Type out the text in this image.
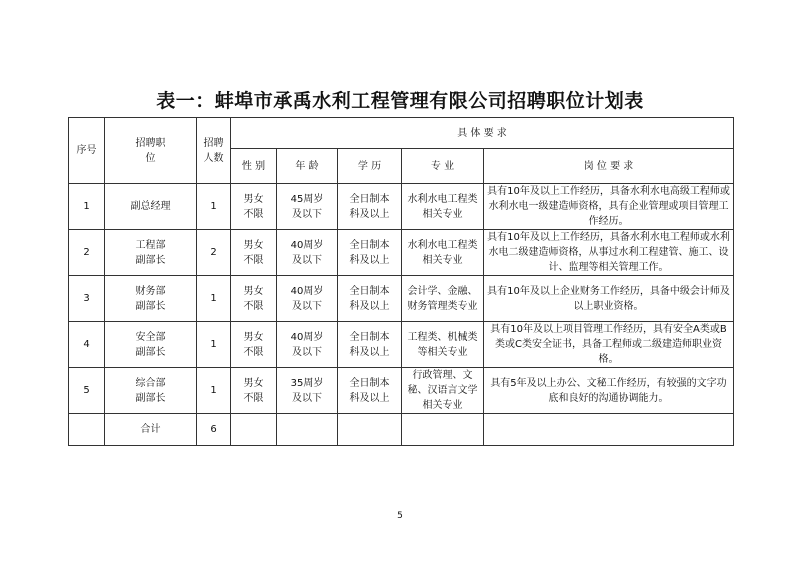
表一：蚌埠市承禹水利工程管理有限公司招聘职位计划表
序号	招聘职位	招聘人数	具 体 要 求				
			性 别	年 龄	学 历	专 业	岗 位 要 求
1	副总经理	1	男女不限	45周岁及以下	全日制本科及以上	水利水电工程类相关专业	具有10年及以上工作经历，具备水利水电高级工程师或水利水电一级建造师资格，具有企业管理或项目管理工作经历。
2	工程部副部长	2	男女不限	40周岁及以下	全日制本科及以上	水利水电工程类相关专业	具有10年及以上工作经历，具备水利水电工程师或水利水电二级建造师资格，从事过水利工程建管、施工、设计、监理等相关管理工作。
3	财务部副部长	1	男女不限	40周岁及以下	全日制本科及以上	会计学、金融、财务管理类专业	具有10年及以上企业财务工作经历，具备中级会计师及以上职业资格。
4	安全部副部长	1	男女不限	40周岁及以下	全日制本科及以上	工程类、机械类等相关专业	具有10年及以上项目管理工作经历，具有安全A类或B类或C类安全证书，具备工程师或二级建造师职业资格。
5	综合部副部长	1	男女不限	35周岁及以下	全日制本科及以上	行政管理、文秘、汉语言文学相关专业	具有5年及以上办公、文秘工作经历，有较强的文字功底和良好的沟通协调能力。
	合计	6					
5
